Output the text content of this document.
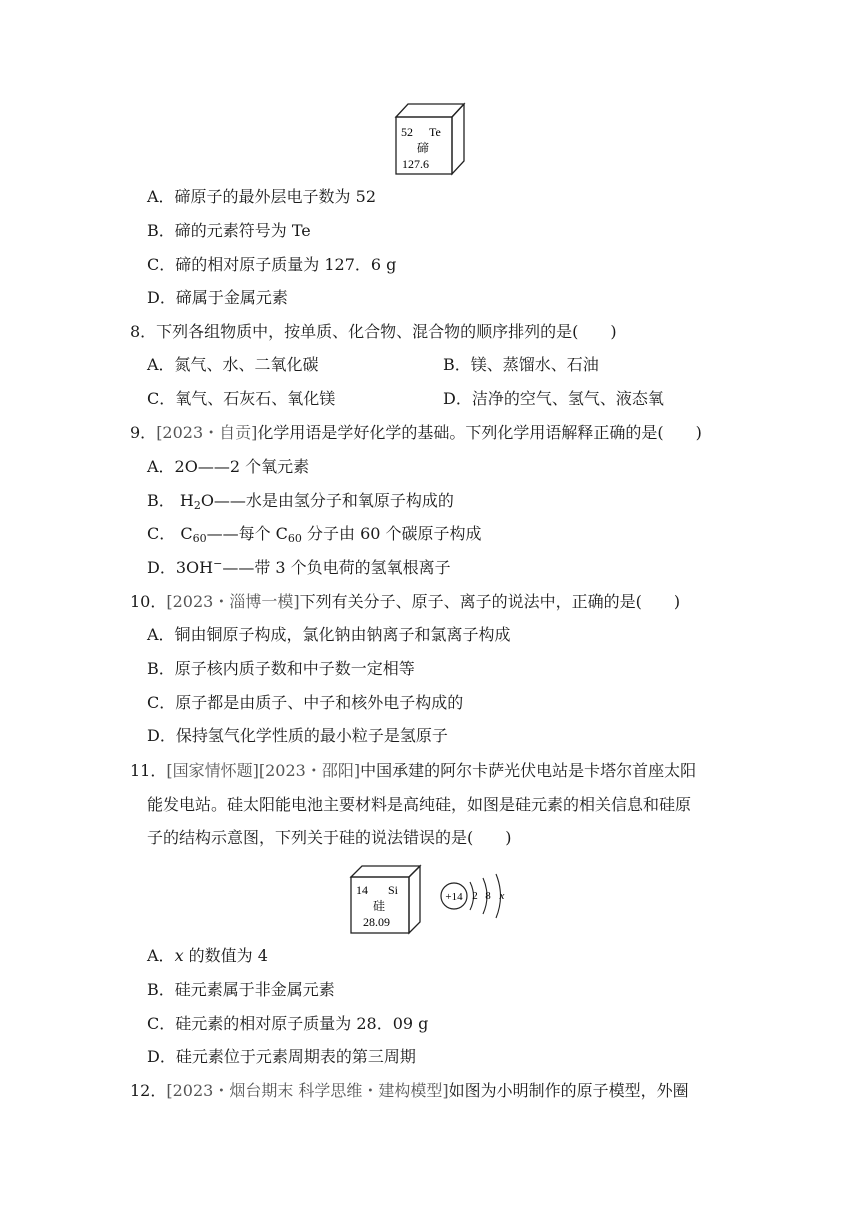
52 Te
碲
127.6
A．碲原子的最外层电子数为 52
B．碲的元素符号为 Te
C．碲的相对原子质量为 127．6 g
D．碲属于金属元素
8．下列各组物质中，按单质、化合物、混合物的顺序排列的是(　　)
A．氮气、水、二氧化碳	B．镁、蒸馏水、石油
C．氧气、石灰石、氧化镁	D．洁净的空气、氢气、液态氧
9．[2023・自贡]化学用语是学好化学的基础。下列化学用语解释正确的是(　　)
A．2O——2 个氧元素
B． $H_2O——$水是由氢分子和氧原子构成的
C． $C_{60}——$每个 $C_{60}$ 分子由 60 个碳原子构成
D．3OH−——带 3 个负电荷的氢氧根离子
10．[2023・淄博一模]下列有关分子、原子、离子的说法中，正确的是(　　)
A．铜由铜原子构成，氯化钠由钠离子和氯离子构成
B．原子核内质子数和中子数一定相等
C．原子都是由质子、中子和核外电子构成的
D．保持氢气化学性质的最小粒子是氢原子
11．[国家情怀题][2023・邵阳]中国承建的阿尔卡萨光伏电站是卡塔尔首座太阳
能发电站。硅太阳能电池主要材料是高纯硅，如图是硅元素的相关信息和硅原
子的结构示意图，下列关于硅的说法错误的是(　　)
14 Si
硅
28.09
+14 2 8 x
A．x 的数值为 4
B．硅元素属于非金属元素
C．硅元素的相对原子质量为 28．09 g
D．硅元素位于元素周期表的第三周期
12．[2023・烟台期末 科学思维・建构模型]如图为小明制作的原子模型，外圈
